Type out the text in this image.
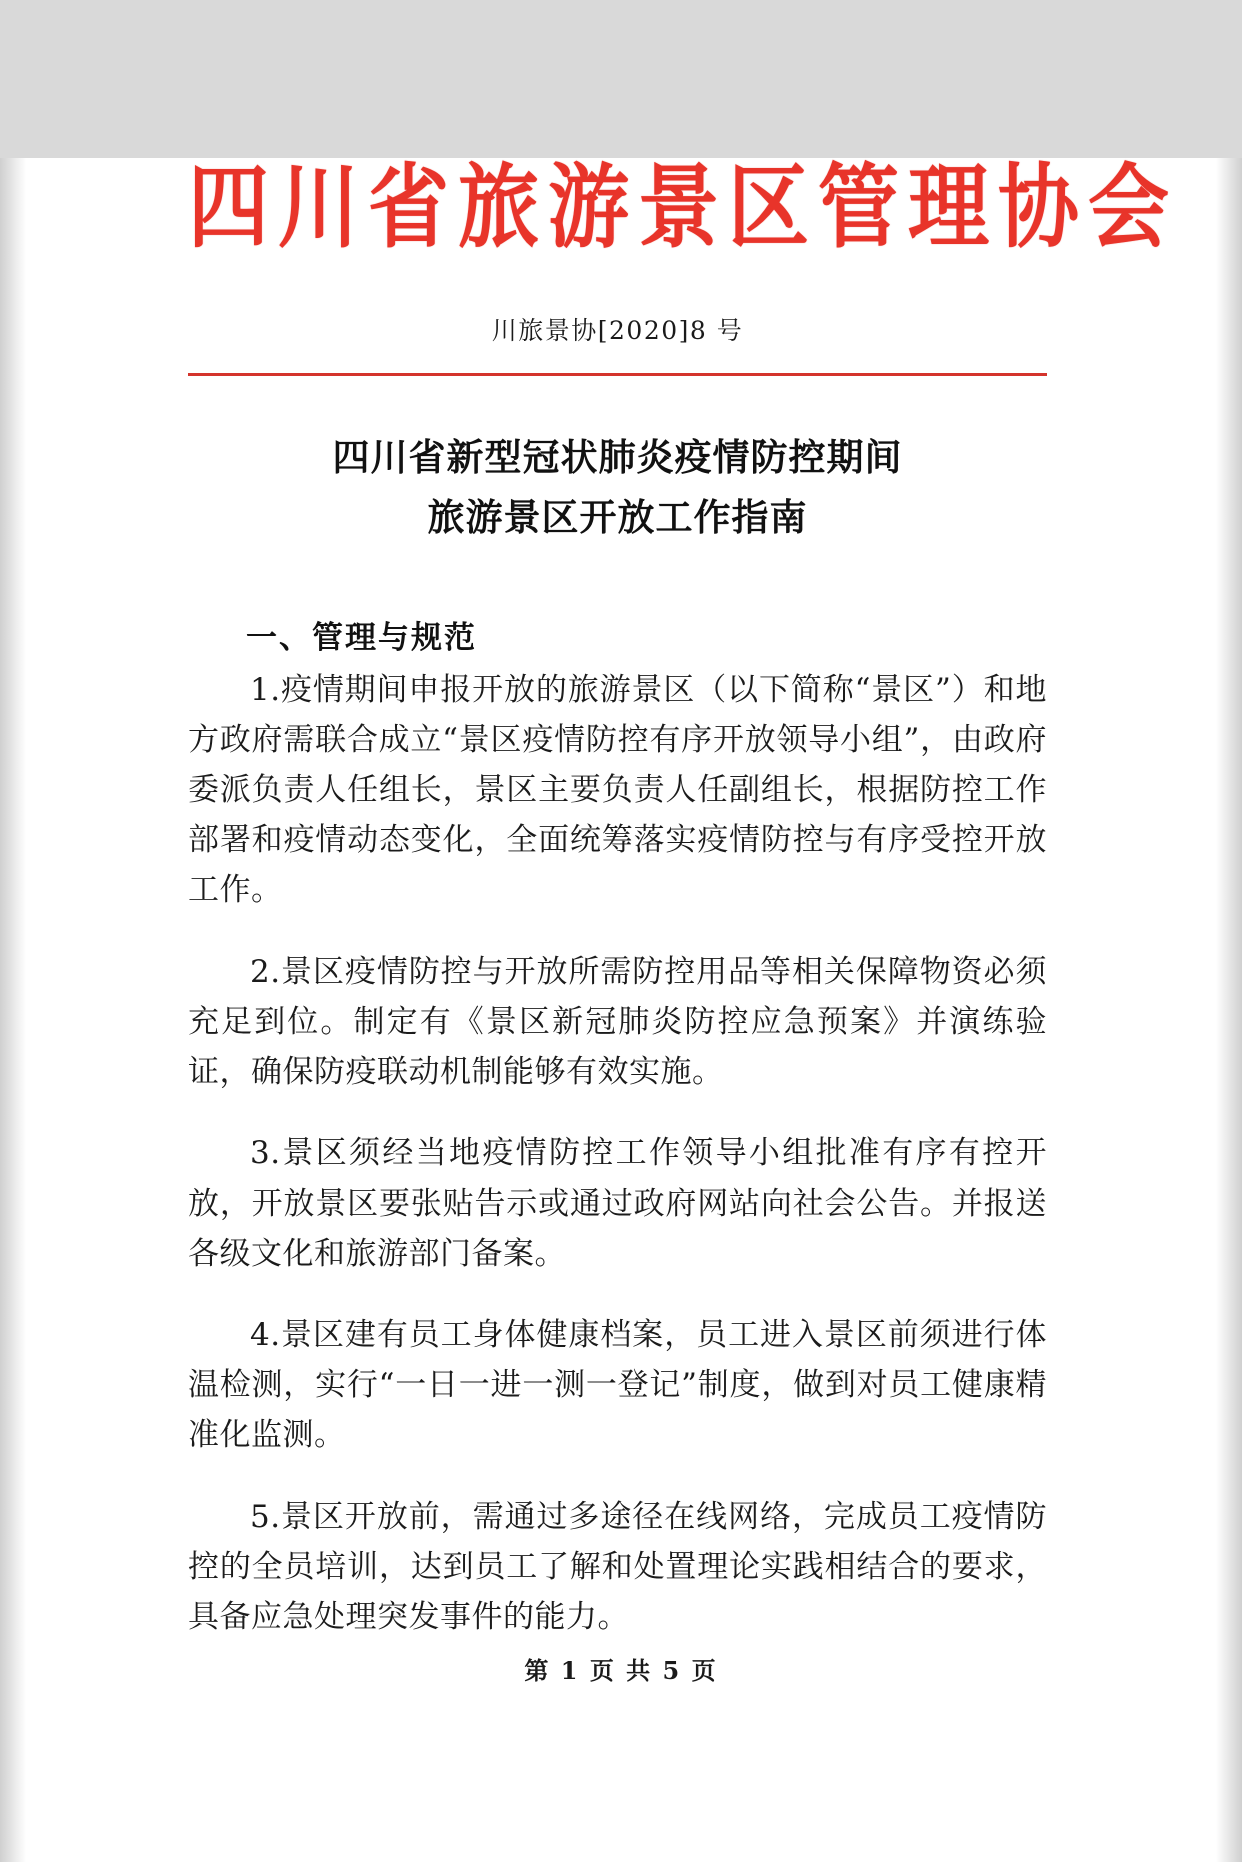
四川省旅游景区管理协会
川旅景协[2020]8 号
四川省新型冠状肺炎疫情防控期间
旅游景区开放工作指南
一、管理与规范

1.疫情期间申报开放的旅游景区（以下简称“景区”）和地方政府需联合成立“景区疫情防控有序开放领导小组”，由政府委派负责人任组长，景区主要负责人任副组长，根据防控工作部署和疫情动态变化，全面统筹落实疫情防控与有序受控开放工作。

2.景区疫情防控与开放所需防控用品等相关保障物资必须充足到位。制定有《景区新冠肺炎防控应急预案》并演练验证，确保防疫联动机制能够有效实施。

3.景区须经当地疫情防控工作领导小组批准有序有控开放，开放景区要张贴告示或通过政府网站向社会公告。并报送各级文化和旅游部门备案。

4.景区建有员工身体健康档案，员工进入景区前须进行体温检测，实行“一日一进一测一登记”制度，做到对员工健康精准化监测。

5.景区开放前，需通过多途径在线网络，完成员工疫情防控的全员培训，达到员工了解和处置理论实践相结合的要求，具备应急处理突发事件的能力。

第 1 页 共 5 页
